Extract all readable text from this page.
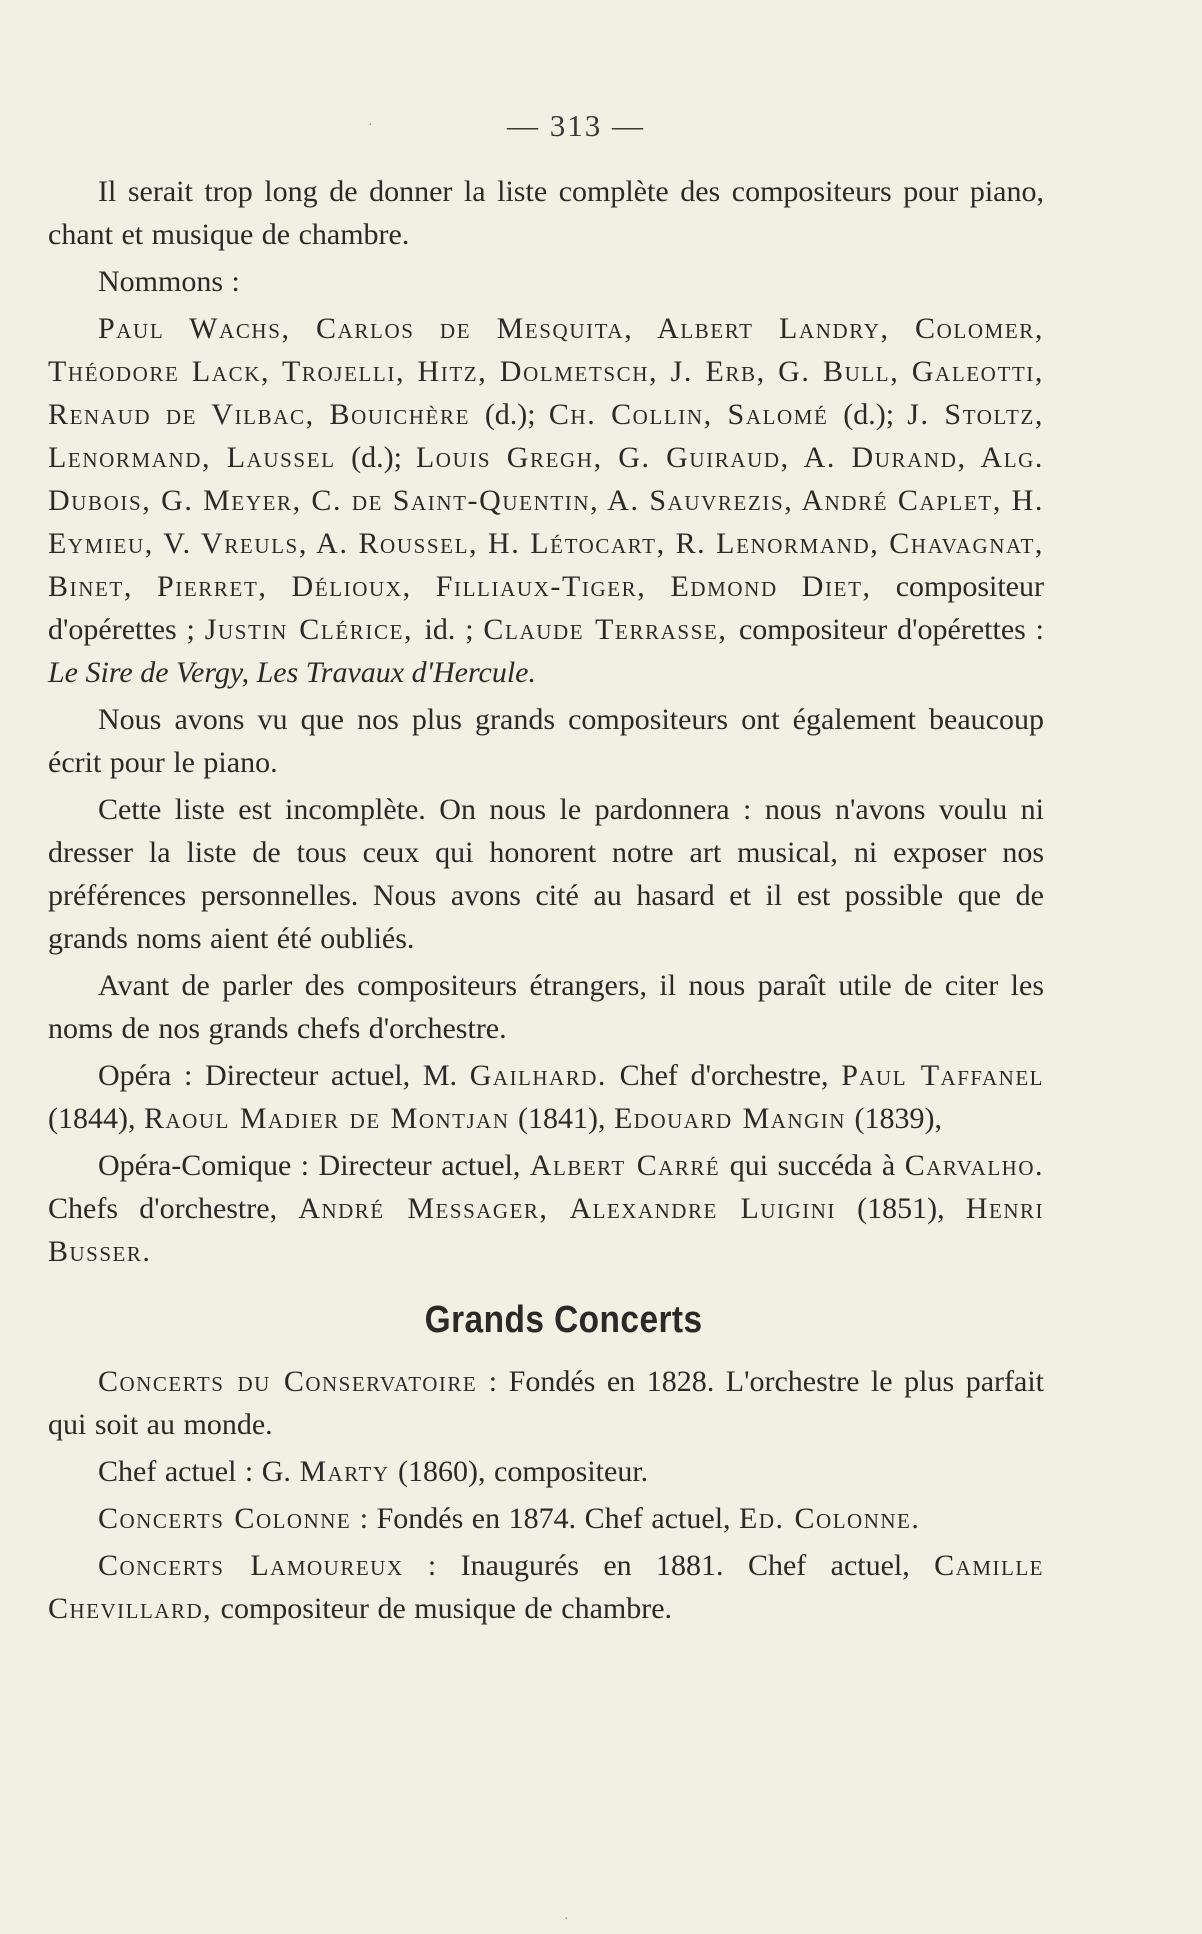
— 313 —

Il serait trop long de donner la liste complète des compositeurs pour piano, chant et musique de chambre.

Nommons :

Paul Wachs, Carlos de Mesquita, Albert Landry, Colomer, Théodore Lack, Trojelli, Hitz, Dolmetsch, J. Erb, G. Bull, Galeotti, Renaud de Vilbac, Bouichère (d.); Ch. Collin, Salomé (d.); J. Stoltz, Lenormand, Laussel (d.); Louis Gregh, G. Guiraud, A. Durand, Alg. Dubois, G. Meyer, C. de Saint-Quentin, A. Sauvrezis, André Caplet, H. Eymieu, V. Vreuls, A. Roussel, H. Létocart, R. Lenormand, Chavagnat, Binet, Pierret, Délioux, Filliaux-Tiger, Edmond Diet, compositeur d'opérettes ; Justin Clérice, id. ; Claude Terrasse, compositeur d'opérettes : Le Sire de Vergy, Les Travaux d'Hercule.

Nous avons vu que nos plus grands compositeurs ont également beaucoup écrit pour le piano.

Cette liste est incomplète. On nous le pardonnera : nous n'avons voulu ni dresser la liste de tous ceux qui honorent notre art musical, ni exposer nos préférences personnelles. Nous avons cité au hasard et il est possible que de grands noms aient été oubliés.

Avant de parler des compositeurs étrangers, il nous paraît utile de citer les noms de nos grands chefs d'orchestre.

Opéra : Directeur actuel, M. Gailhard. Chef d'orchestre, Paul Taffanel (1844), Raoul Madier de Montjan (1841), Edouard Mangin (1839),

Opéra-Comique : Directeur actuel, Albert Carré qui succéda à Carvalho. Chefs d'orchestre, André Messager, Alexandre Luigini (1851), Henri Busser.

Grands Concerts

Concerts du Conservatoire : Fondés en 1828. L'orchestre le plus parfait qui soit au monde.

Chef actuel : G. Marty (1860), compositeur.

Concerts Colonne : Fondés en 1874. Chef actuel, Ed. Colonne.

Concerts Lamoureux : Inaugurés en 1881. Chef actuel, Camille Chevillard, compositeur de musique de chambre.

·
·
